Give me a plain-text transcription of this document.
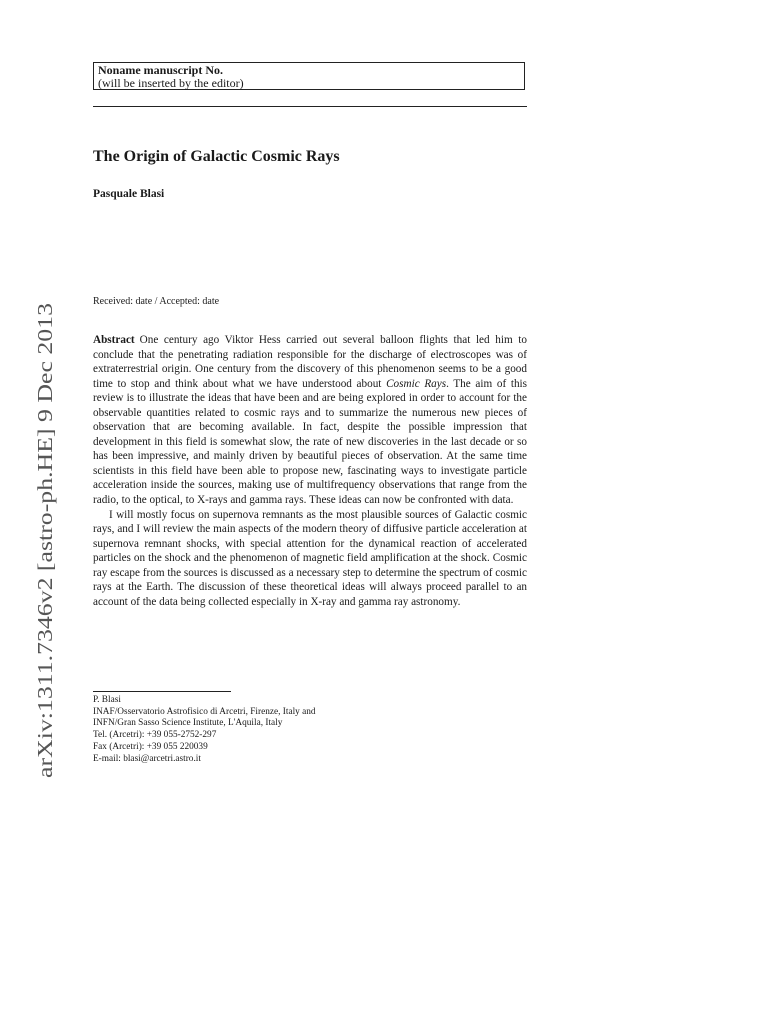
arXiv:1311.7346v2 [astro-ph.HE] 9 Dec 2013
Noname manuscript No.
(will be inserted by the editor)
The Origin of Galactic Cosmic Rays
Pasquale Blasi
Received: date / Accepted: date

Abstract One century ago Viktor Hess carried out several balloon flights that led him to conclude that the penetrating radiation responsible for the discharge of electroscopes was of extraterrestrial origin. One century from the discovery of this phenomenon seems to be a good time to stop and think about what we have understood about Cosmic Rays. The aim of this review is to illustrate the ideas that have been and are being explored in order to account for the observable quantities related to cosmic rays and to summarize the numerous new pieces of observation that are becoming available. In fact, despite the possible impression that development in this field is somewhat slow, the rate of new discoveries in the last decade or so has been impressive, and mainly driven by beautiful pieces of observation. At the same time scientists in this field have been able to propose new, fascinating ways to investigate particle acceleration inside the sources, making use of multifrequency observations that range from the radio, to the optical, to X-rays and gamma rays. These ideas can now be confronted with data.

I will mostly focus on supernova remnants as the most plausible sources of Galactic cosmic rays, and I will review the main aspects of the modern theory of diffusive particle acceleration at supernova remnant shocks, with special attention for the dynamical reaction of accelerated particles on the shock and the phenomenon of magnetic field amplification at the shock. Cosmic ray escape from the sources is discussed as a necessary step to determine the spectrum of cosmic rays at the Earth. The discussion of these theoretical ideas will always proceed parallel to an account of the data being collected especially in X-ray and gamma ray astronomy.

P. Blasi
INAF/Osservatorio Astrofisico di Arcetri, Firenze, Italy and
INFN/Gran Sasso Science Institute, L'Aquila, Italy
Tel. (Arcetri): +39 055-2752-297
Fax (Arcetri): +39 055 220039
E-mail: blasi@arcetri.astro.it
